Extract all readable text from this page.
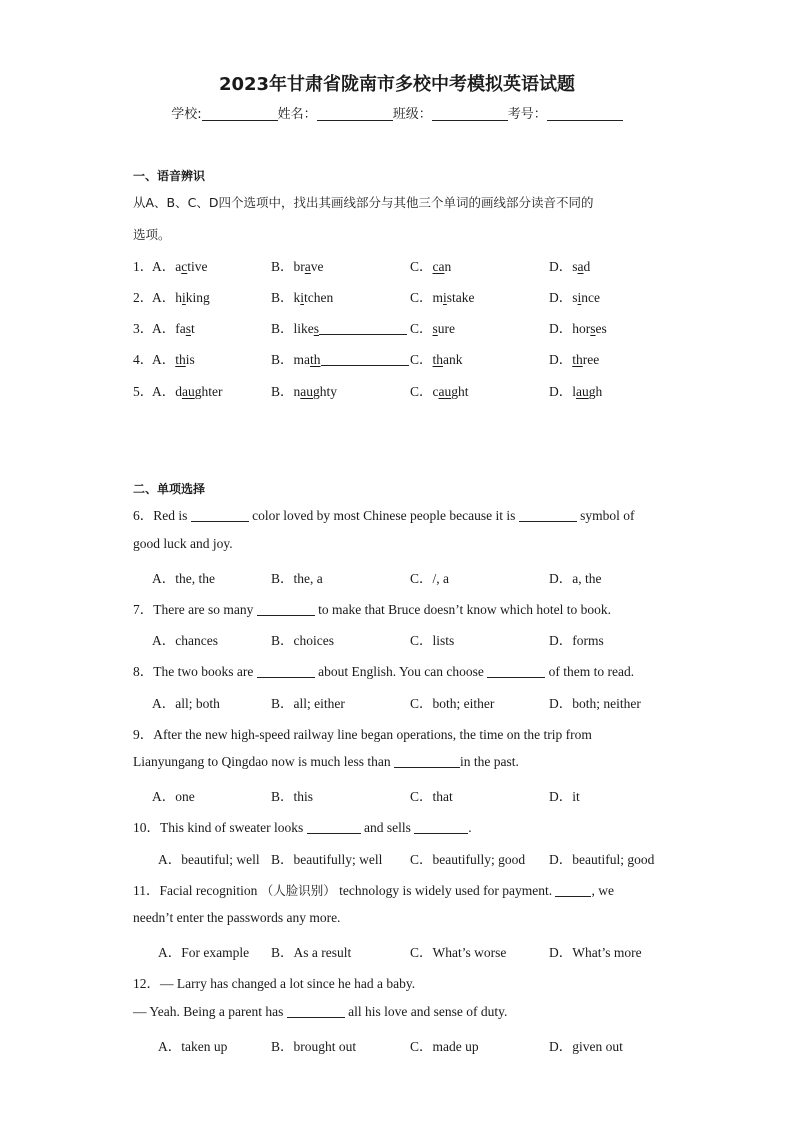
2023年甘肃省陇南市多校中考模拟英语试题
学校:	姓名：	班级：	考号：
一、语音辨识
从A、B、C、D四个选项中，找出其画线部分与其他三个单词的画线部分读音不同的
选项。
1．
A．active	B．brave	C．can	D．sad
2．
A．hiking	B．kitchen	C．mistake	D．since
3．
A．fast	B．likes	C．sure	D．horses
4．
A．this	B．math	C．thank	D．three
5．
A．daughter	B．naughty	C．caught	D．laugh
二、单项选择
6．Red is	color loved by most Chinese people because it is	symbol of
good luck and joy.
A．the, the	B．the, a	C．/, a	D．a, the
7．There are so many	to make that Bruce doesn’t know which hotel to book.
A．chances	B．choices	C．lists	D．forms
8．The two books are	about English. You can choose	of them to read.
A．all; both	B．all; either	C．both; either	D．both; neither
9．After the new high-speed railway line began operations, the time on the trip from
Lianyungang to Qingdao now is much less than	in the past.
A．one	B．this	C．that	D．it
10．This kind of sweater looks	and sells	.
A．beautiful; well B．beautifully; well C．beautifully; good D．beautiful; good
11．Facial recognition （人脸识别） technology is widely used for payment.	, we
needn’t enter the passwords any more.
A．For example B．As a result	C．What’s worse	D．What’s more
12．— Larry has changed a lot since he had a baby.
— Yeah. Being a parent has	all his love and sense of duty.
A．taken up	B．brought out	C．made up	D．given out
